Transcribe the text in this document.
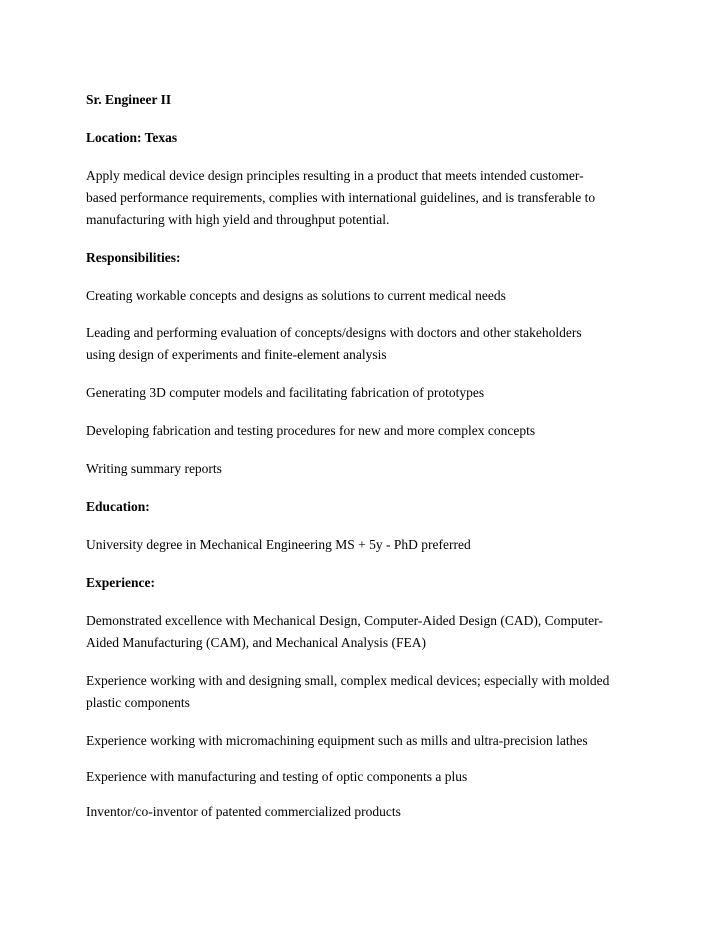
Sr. Engineer II
Location: Texas
Apply medical device design principles resulting in a product that meets intended customer-
based performance requirements, complies with international guidelines, and is transferable to
manufacturing with high yield and throughput potential.
Responsibilities:
Creating workable concepts and designs as solutions to current medical needs
Leading and performing evaluation of concepts/designs with doctors and other stakeholders
using design of experiments and finite-element analysis
Generating 3D computer models and facilitating fabrication of prototypes
Developing fabrication and testing procedures for new and more complex concepts
Writing summary reports
Education:
University degree in Mechanical Engineering MS + 5y - PhD preferred
Experience:
Demonstrated excellence with Mechanical Design, Computer-Aided Design (CAD), Computer-
Aided Manufacturing (CAM), and Mechanical Analysis (FEA)
Experience working with and designing small, complex medical devices; especially with molded
plastic components
Experience working with micromachining equipment such as mills and ultra-precision lathes
Experience with manufacturing and testing of optic components a plus
Inventor/co-inventor of patented commercialized products
